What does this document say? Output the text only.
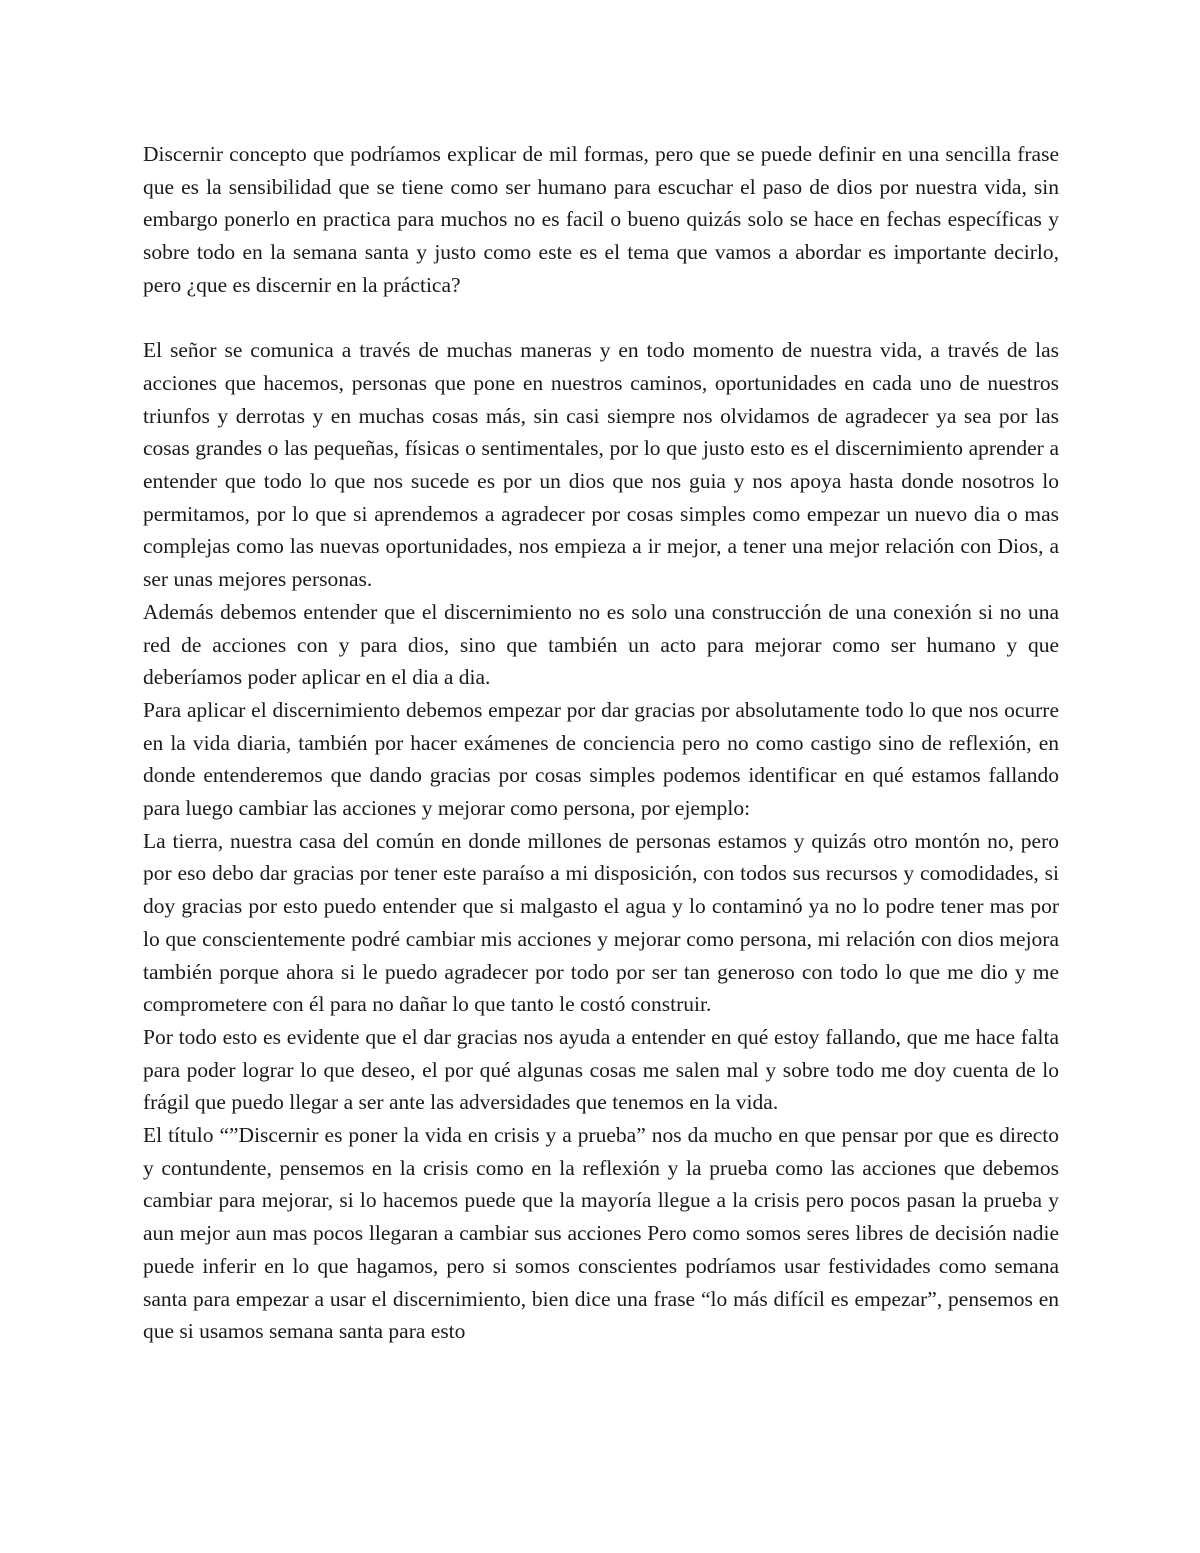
Discernir concepto que podríamos explicar de mil formas, pero que se puede definir en una sencilla frase que es la sensibilidad que se tiene como ser humano para escuchar el paso de dios por nuestra vida, sin embargo ponerlo en practica para muchos no es facil o bueno quizás solo se hace en fechas específicas y sobre todo en la semana santa y justo como este es el tema que vamos a abordar es importante decirlo, pero ¿que es discernir en la práctica?

El señor se comunica a través de muchas maneras y en todo momento de nuestra vida, a través de las acciones que hacemos, personas que pone en nuestros caminos, oportunidades en cada uno de nuestros triunfos y derrotas y en muchas cosas más, sin casi siempre nos olvidamos de agradecer ya sea por las cosas grandes o las pequeñas, físicas o sentimentales, por lo que justo esto es el discernimiento aprender a entender que todo lo que nos sucede es por un dios que nos guia y nos apoya hasta donde nosotros lo permitamos, por lo que si aprendemos a agradecer por cosas simples como empezar un nuevo dia o mas complejas como las nuevas oportunidades, nos empieza a ir mejor, a tener una mejor relación con Dios, a ser unas mejores personas.

Además debemos entender que el discernimiento no es solo una construcción de una conexión si no una red de acciones con y para dios, sino que también un acto para mejorar como ser humano y que deberíamos poder aplicar en el dia a dia.

Para aplicar el discernimiento debemos empezar por dar gracias por absolutamente todo lo que nos ocurre en la vida diaria, también por hacer exámenes de conciencia pero no como castigo sino de reflexión, en donde entenderemos que dando gracias por cosas simples podemos identificar en qué estamos fallando para luego cambiar las acciones y mejorar como persona, por ejemplo:

La tierra, nuestra casa del común en donde millones de personas estamos y quizás otro montón no, pero por eso debo dar gracias por tener este paraíso a mi disposición, con todos sus recursos y comodidades, si doy gracias por esto puedo entender que si malgasto el agua y lo contaminó ya no lo podre tener mas por lo que conscientemente podré cambiar mis acciones y mejorar como persona, mi relación con dios mejora también porque ahora si le puedo agradecer por todo por ser tan generoso con todo lo que me dio y me comprometere con él para no dañar lo que tanto le costó construir.

Por todo esto es evidente que el dar gracias nos ayuda a entender en qué estoy fallando, que me hace falta para poder lograr lo que deseo, el por qué algunas cosas me salen mal y sobre todo me doy cuenta de lo frágil que puedo llegar a ser ante las adversidades que tenemos en la vida.

El título “”Discernir es poner la vida en crisis y a prueba” nos da mucho en que pensar por que es directo y contundente, pensemos en la crisis como en la reflexión y la prueba como las acciones que debemos cambiar para mejorar, si lo hacemos puede que la mayoría llegue a la crisis pero pocos pasan la prueba y aun mejor aun mas pocos llegaran a cambiar sus acciones Pero como somos seres libres de decisión nadie puede inferir en lo que hagamos, pero si somos conscientes podríamos usar festividades como semana santa para empezar a usar el discernimiento, bien dice una frase “lo más difícil es empezar”, pensemos en que si usamos semana santa para esto
